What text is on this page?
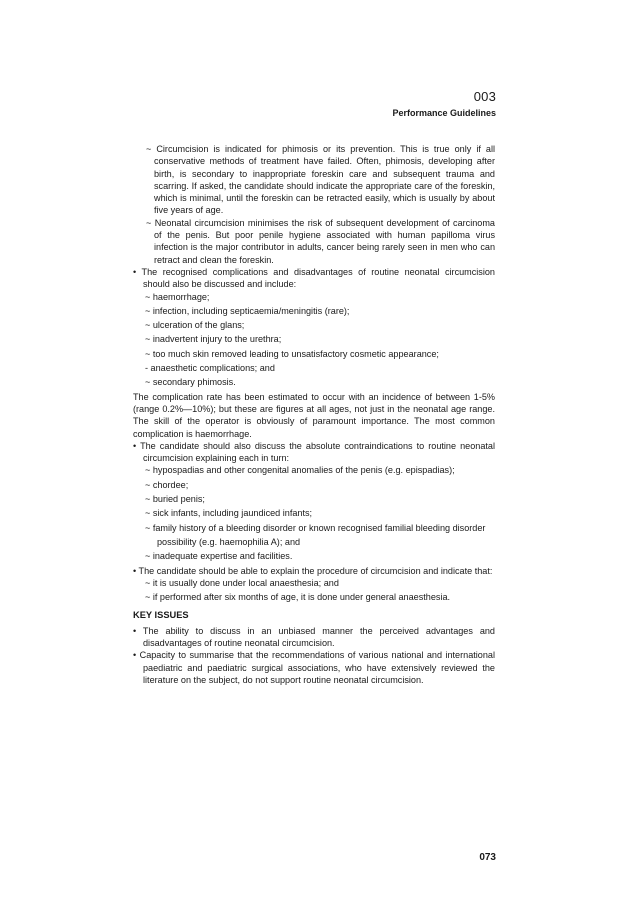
003
Performance Guidelines

~ Circumcision is indicated for phimosis or its prevention. This is true only if all conservative methods of treatment have failed. Often, phimosis, developing after birth, is secondary to inappropriate foreskin care and subsequent trauma and scarring. If asked, the candidate should indicate the appropriate care of the foreskin, which is minimal, until the foreskin can be retracted easily, which is usually by about five years of age.

~ Neonatal circumcision minimises the risk of subsequent development of carcinoma of the penis. But poor penile hygiene associated with human papilloma virus infection is the major contributor in adults, cancer being rarely seen in men who can retract and clean the foreskin.

• The recognised complications and disadvantages of routine neonatal circumcision should also be discussed and include:

~ haemorrhage;
~ infection, including septicaemia/meningitis (rare);
~ ulceration of the glans;
~ inadvertent injury to the urethra;
~ too much skin removed leading to unsatisfactory cosmetic appearance;
- anaesthetic complications; and
~ secondary phimosis.

The complication rate has been estimated to occur with an incidence of between 1-5% (range 0.2%—10%); but these are figures at all ages, not just in the neonatal age range. The skill of the operator is obviously of paramount importance. The most common complication is haemorrhage.

• The candidate should also discuss the absolute contraindications to routine neonatal circumcision explaining each in turn:

~ hypospadias and other congenital anomalies of the penis (e.g. epispadias);
~ chordee;
~ buried penis;
~ sick infants, including jaundiced infants;
~ family history of a bleeding disorder or known recognised familial bleeding disorder
possibility (e.g. haemophilia A); and
~ inadequate expertise and facilities.

• The candidate should be able to explain the procedure of circumcision and indicate that:

~ it is usually done under local anaesthesia; and
~ if performed after six months of age, it is done under general anaesthesia.
KEY ISSUES

• The ability to discuss in an unbiased manner the perceived advantages and disadvantages of routine neonatal circumcision.

• Capacity to summarise that the recommendations of various national and international paediatric and paediatric surgical associations, who have extensively reviewed the literature on the subject, do not support routine neonatal circumcision.

073
